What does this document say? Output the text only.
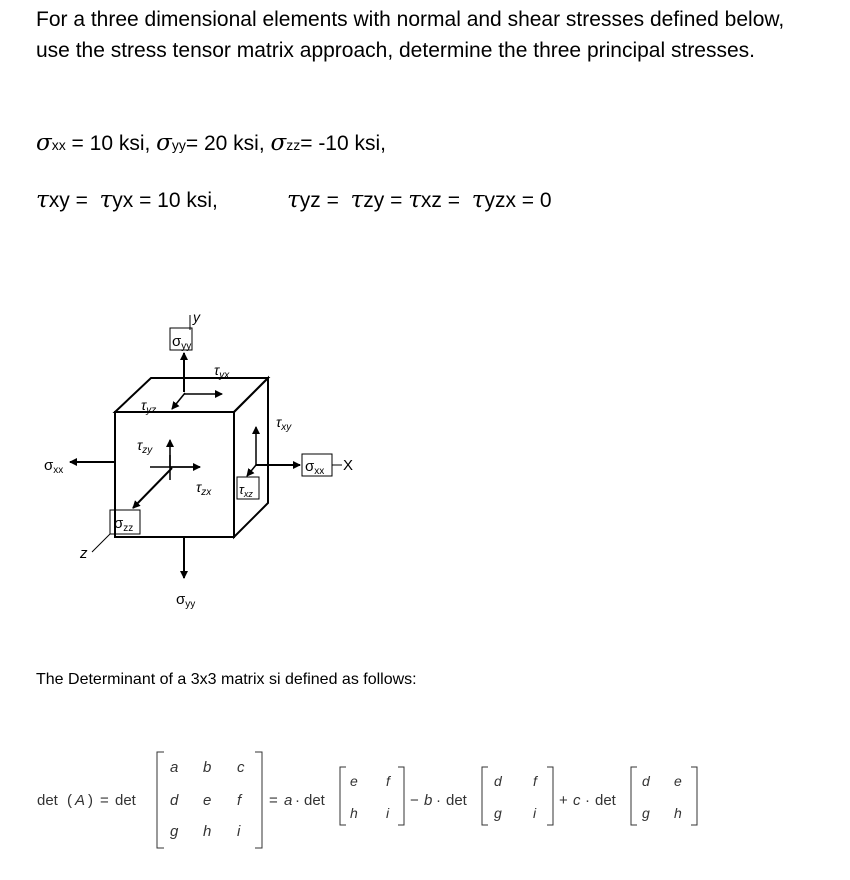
For a three dimensional elements with normal and shear stresses defined below,
use the stress tensor matrix approach, determine the three principal stresses.
σxx = 10 ksi, σyy= 20 ksi, σzz= -10 ksi,
τxy =  τyx = 10 ksi,	τyz =  τzy = τxz =  τyzx = 0
y
$\sigma_{yy}$
$\tau_{yx}$
$\tau_{yz}$
$\tau_{xy}$
$\tau_{xz}$
$\sigma_{xx}$ X
$\tau_{zy}$
$\tau_{zx}$
$\sigma_{zz}$
z
$\sigma_{xx}$
$\sigma_{yy}$
The Determinant of a 3x3 matrix si defined as follows:
det ( A ) = det
a b c
d e f
g h i
= a · det
e f
h i
− b · det
d f
g i
+ c · det
d e
g h
